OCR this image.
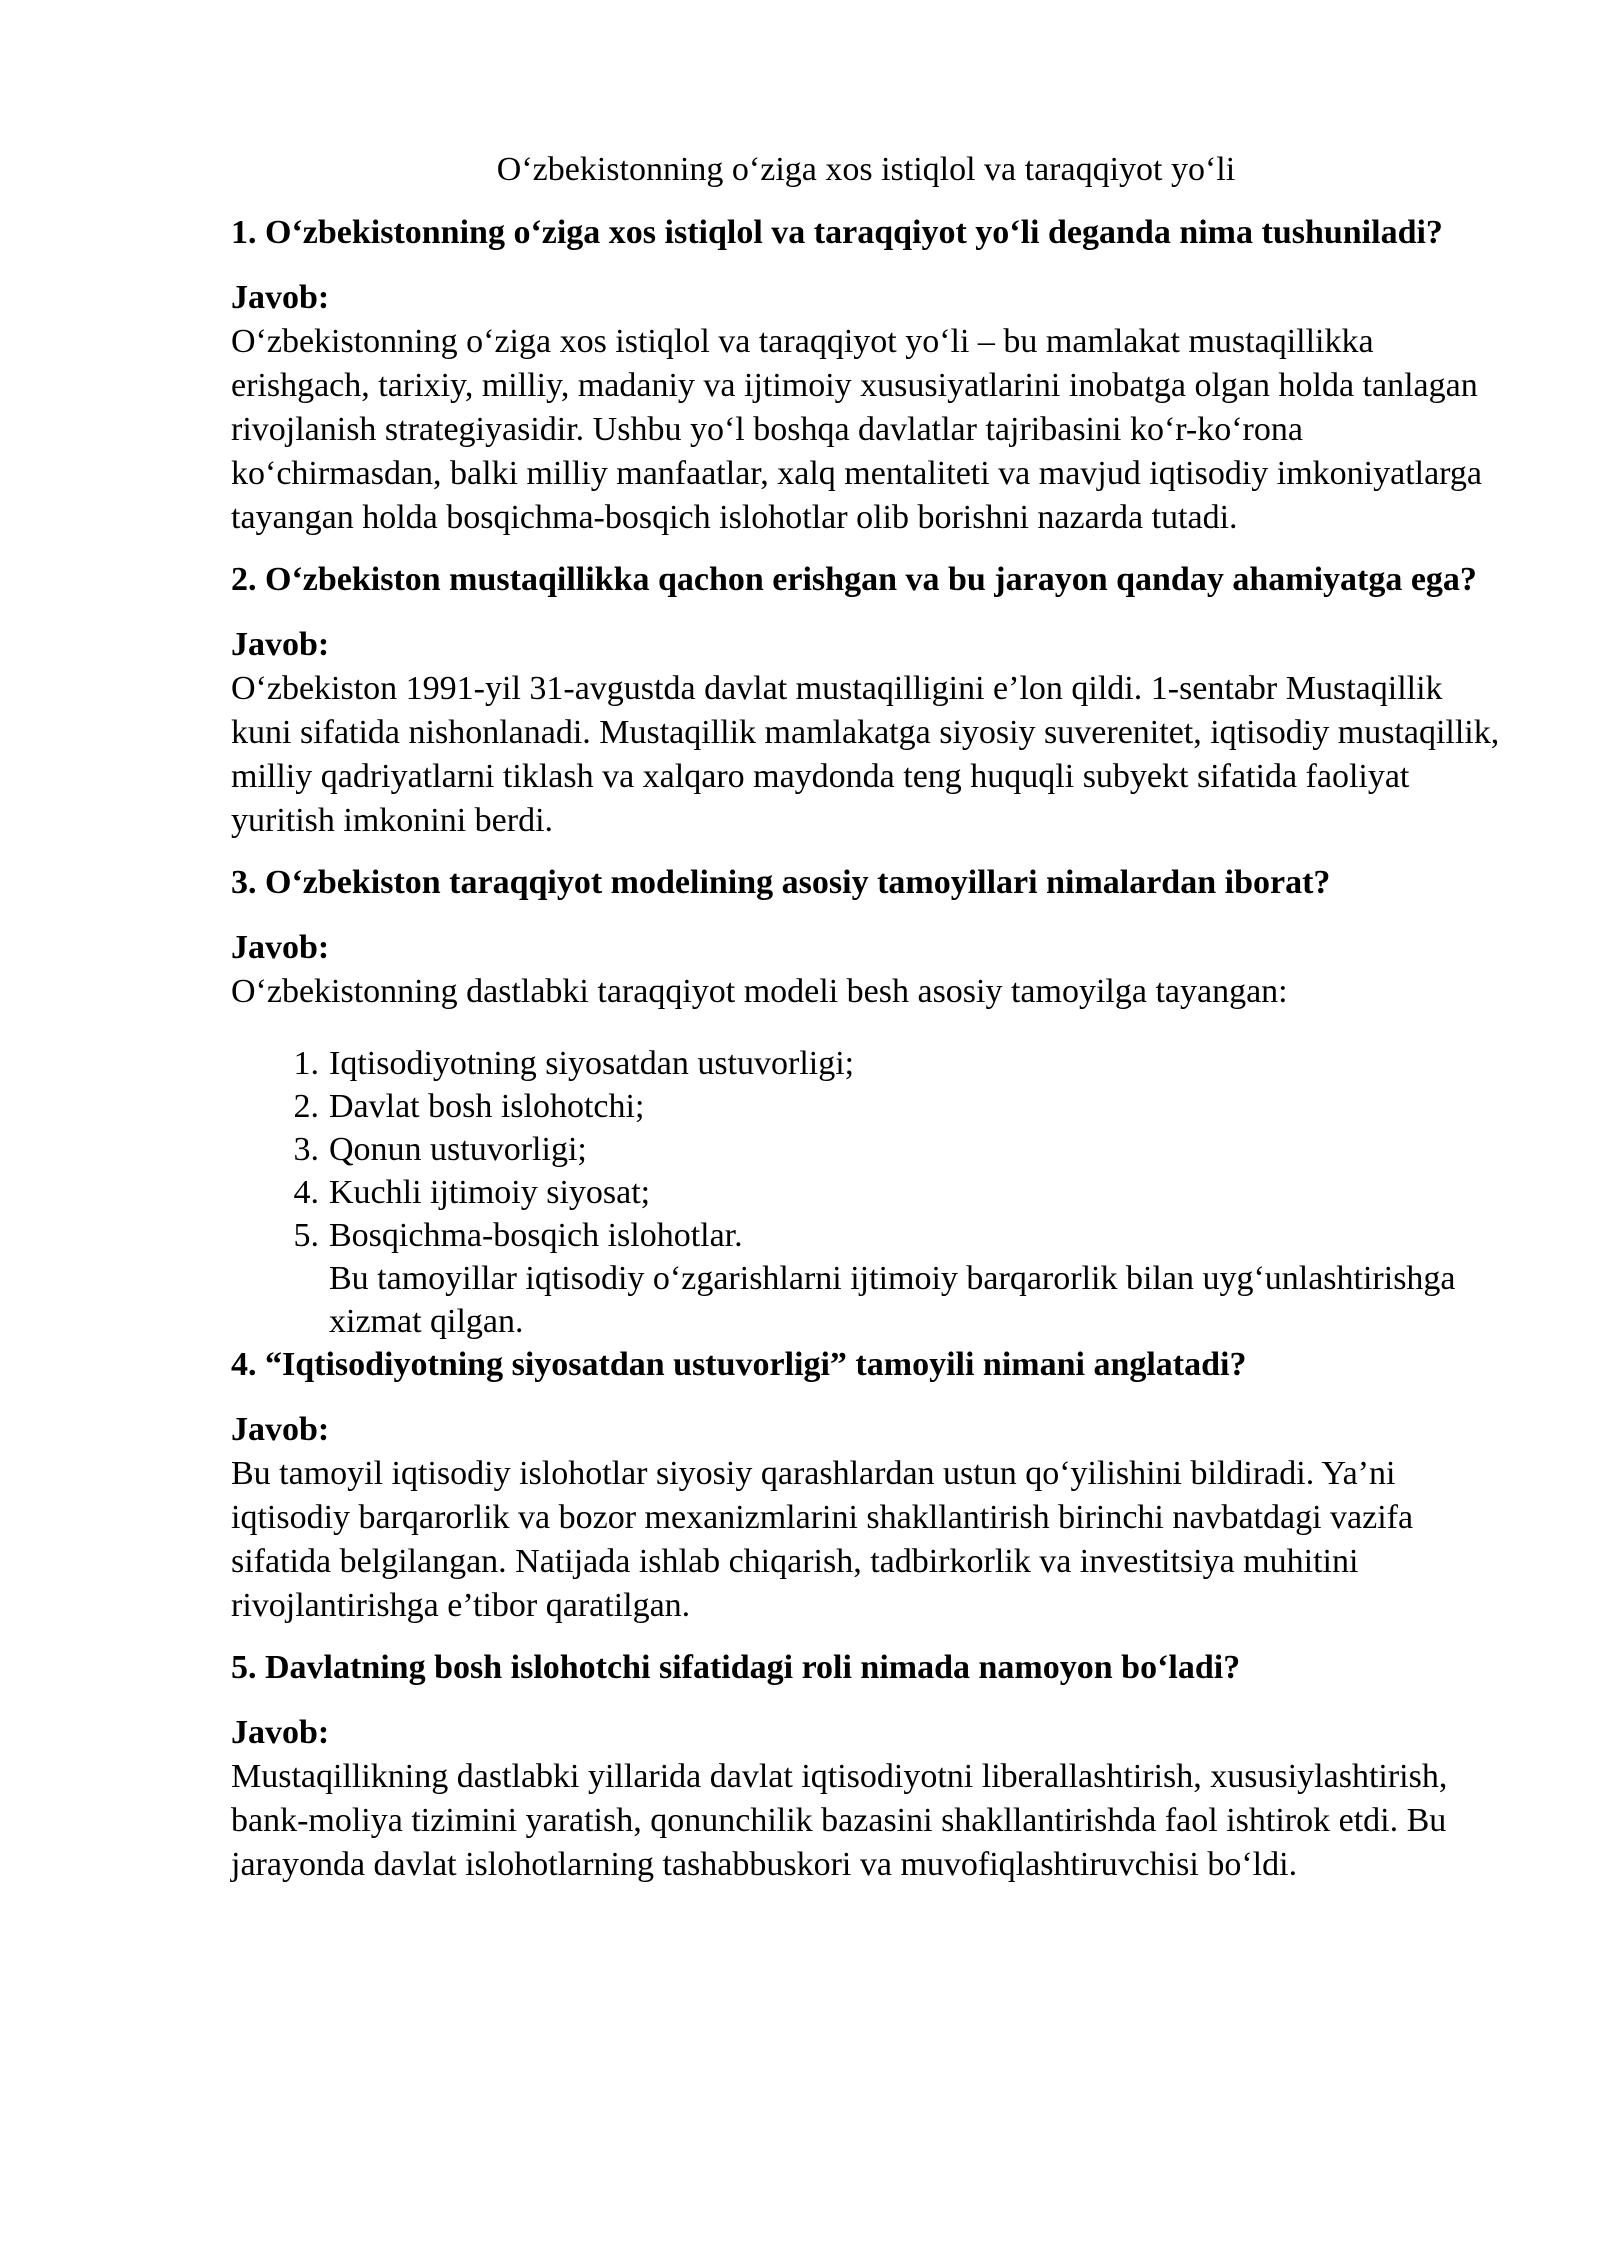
O‘zbekistonning o‘ziga xos istiqlol va taraqqiyot yo‘li

1. O‘zbekistonning o‘ziga xos istiqlol va taraqqiyot yo‘li deganda nima tushuniladi?

Javob:

O‘zbekistonning o‘ziga xos istiqlol va taraqqiyot yo‘li – bu mamlakat mustaqillikka erishgach, tarixiy, milliy, madaniy va ijtimoiy xususiyatlarini inobatga olgan holda tanlagan rivojlanish strategiyasidir. Ushbu yo‘l boshqa davlatlar tajribasini ko‘r-ko‘rona ko‘chirmasdan, balki milliy manfaatlar, xalq mentaliteti va mavjud iqtisodiy imkoniyatlarga tayangan holda bosqichma-bosqich islohotlar olib borishni nazarda tutadi.

2. O‘zbekiston mustaqillikka qachon erishgan va bu jarayon qanday ahamiyatga ega?

Javob:

O‘zbekiston 1991-yil 31-avgustda davlat mustaqilligini e’lon qildi. 1-sentabr Mustaqillik kuni sifatida nishonlanadi. Mustaqillik mamlakatga siyosiy suverenitet, iqtisodiy mustaqillik, milliy qadriyatlarni tiklash va xalqaro maydonda teng huquqli subyekt sifatida faoliyat yuritish imkonini berdi.

3. O‘zbekiston taraqqiyot modelining asosiy tamoyillari nimalardan iborat?

Javob:

O‘zbekistonning dastlabki taraqqiyot modeli besh asosiy tamoyilga tayangan:

1. Iqtisodiyotning siyosatdan ustuvorligi;
2. Davlat bosh islohotchi;
3. Qonun ustuvorligi;
4. Kuchli ijtimoiy siyosat;
5. Bosqichma-bosqich islohotlar.

Bu tamoyillar iqtisodiy o‘zgarishlarni ijtimoiy barqarorlik bilan uyg‘unlashtirishga xizmat qilgan.

4. “Iqtisodiyotning siyosatdan ustuvorligi” tamoyili nimani anglatadi?

Javob:

Bu tamoyil iqtisodiy islohotlar siyosiy qarashlardan ustun qo‘yilishini bildiradi. Ya’ni iqtisodiy barqarorlik va bozor mexanizmlarini shakllantirish birinchi navbatdagi vazifa sifatida belgilangan. Natijada ishlab chiqarish, tadbirkorlik va investitsiya muhitini rivojlantirishga e’tibor qaratilgan.

5. Davlatning bosh islohotchi sifatidagi roli nimada namoyon bo‘ladi?

Javob:

Mustaqillikning dastlabki yillarida davlat iqtisodiyotni liberallashtirish, xususiylashtirish, bank-moliya tizimini yaratish, qonunchilik bazasini shakllantirishda faol ishtirok etdi. Bu jarayonda davlat islohotlarning tashabbuskori va muvofiqlashtiruvchisi bo‘ldi.
